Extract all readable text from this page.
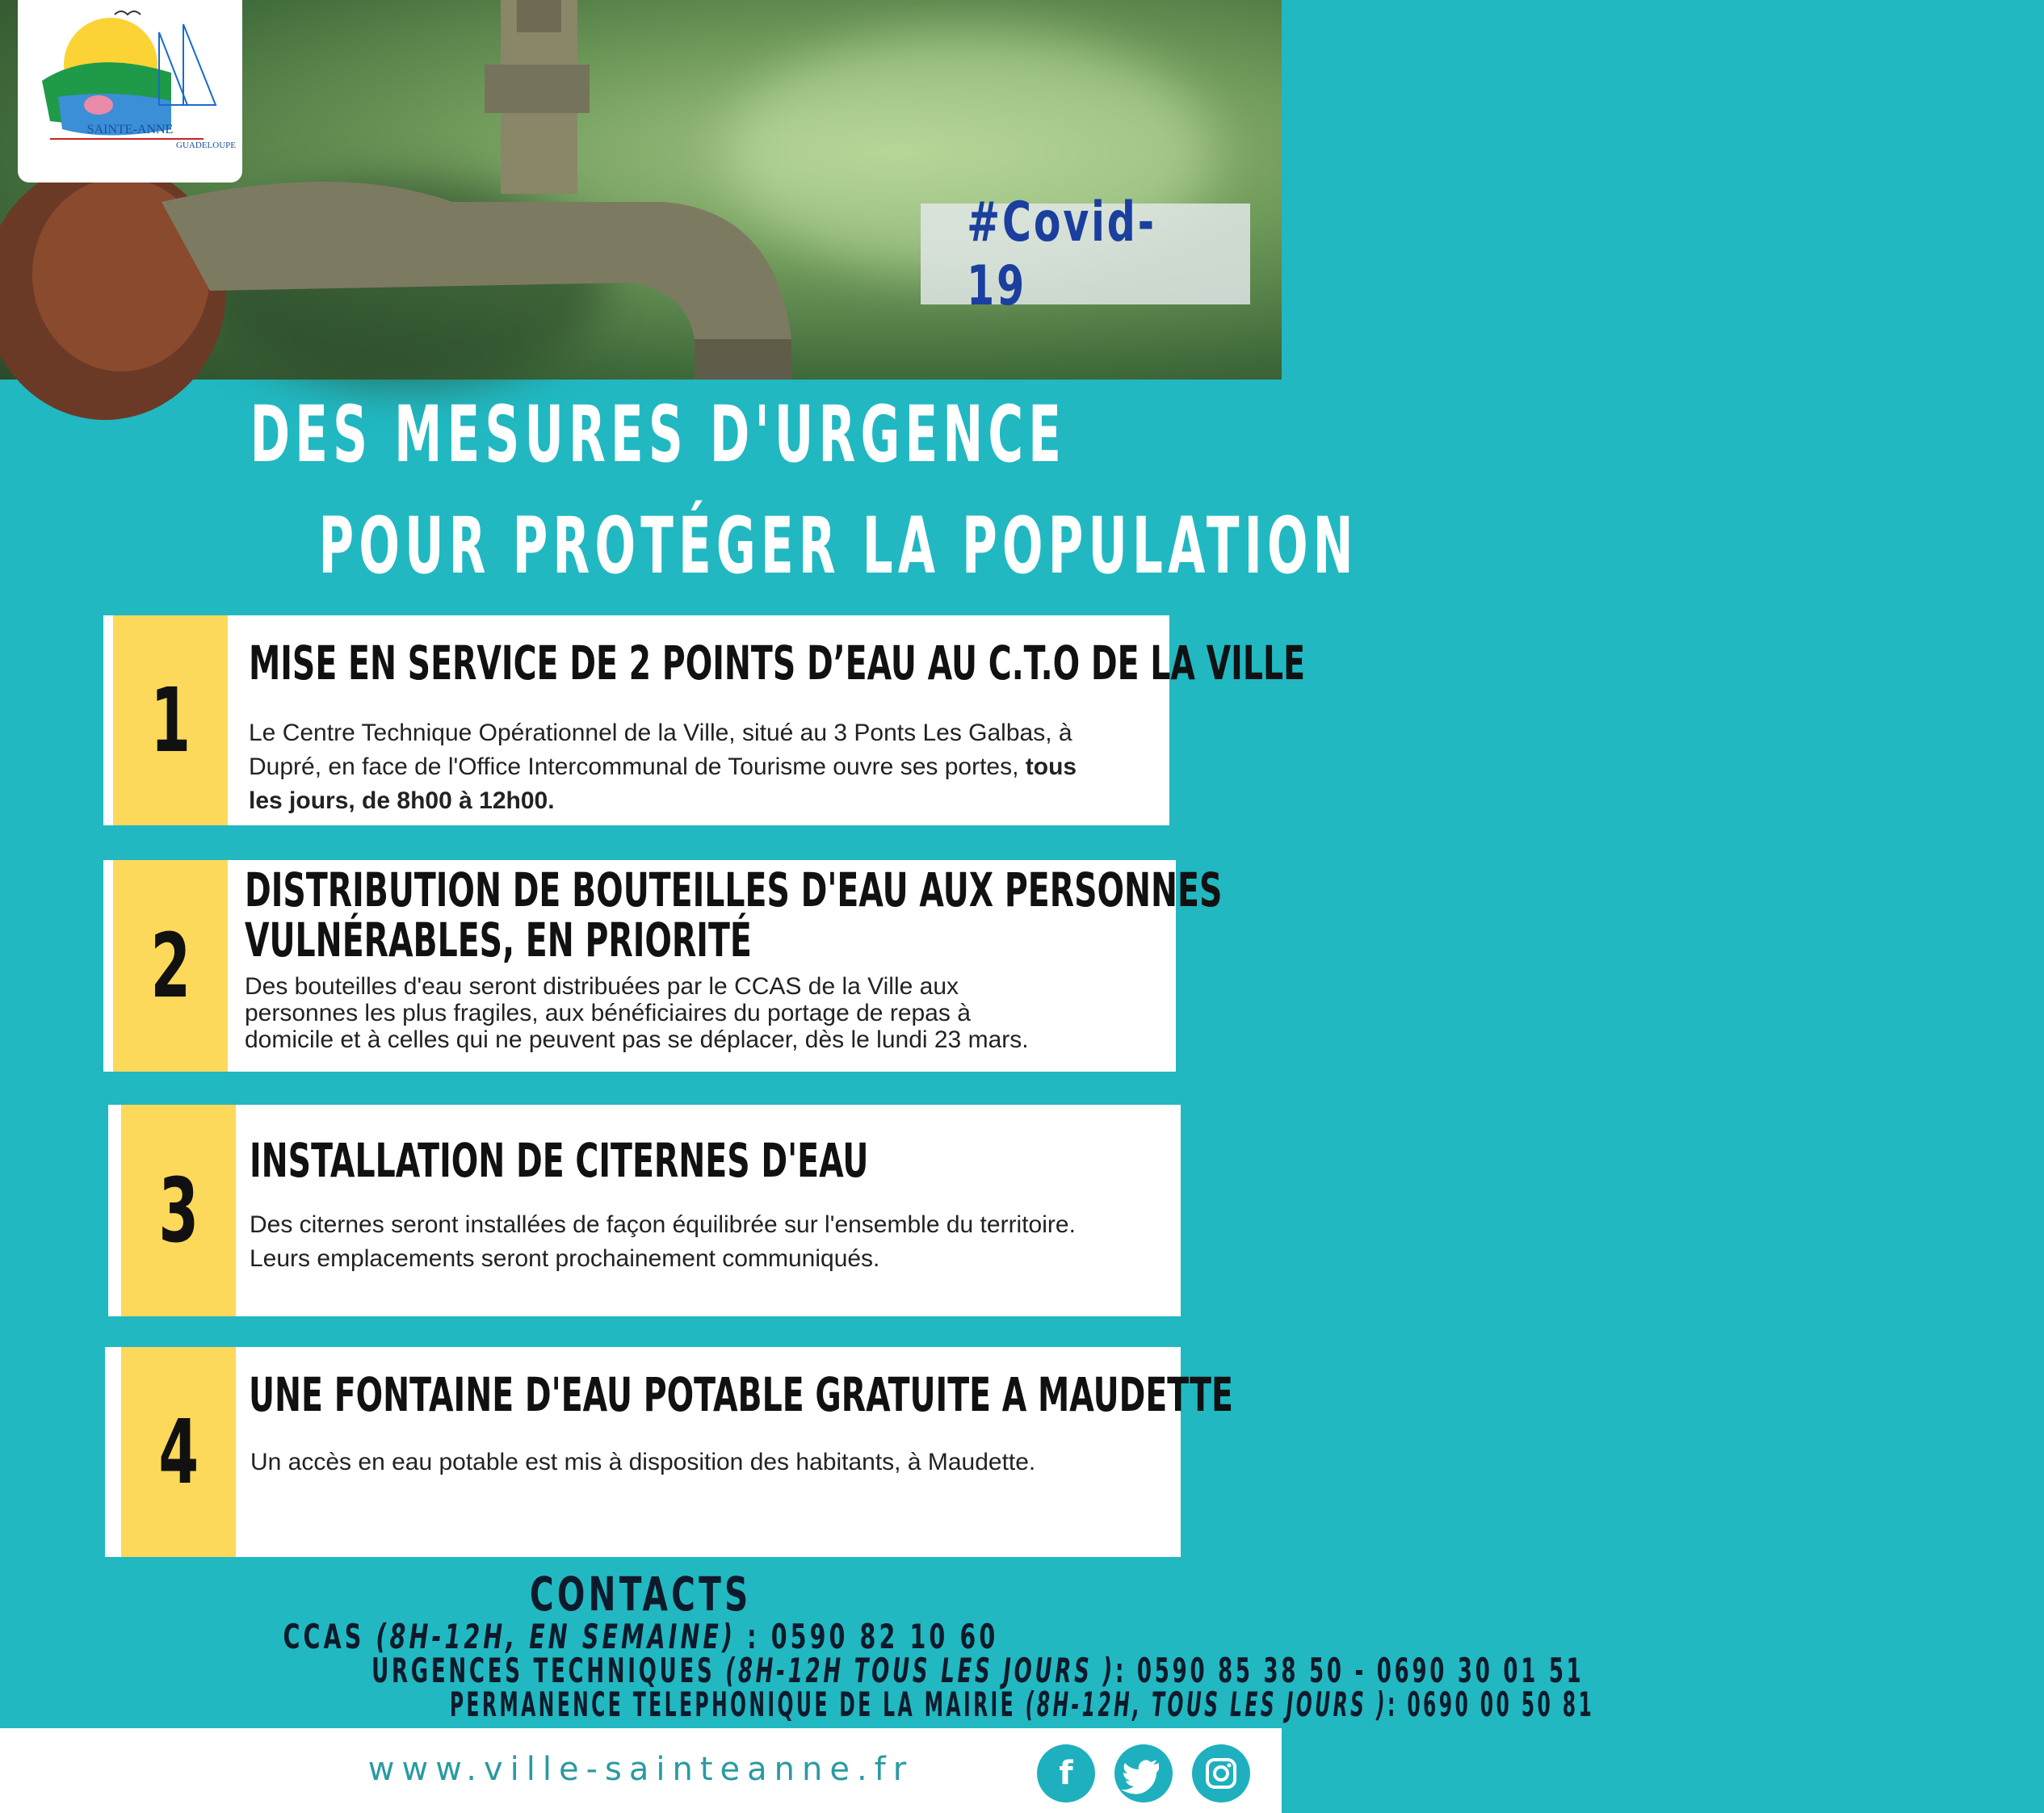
SAINTE-ANNE
GUADELOUPE
#Covid-19
DES MESURES D'URGENCE
POUR PROTÉGER LA POPULATION
1
MISE EN SERVICE DE 2 POINTS D’EAU AU C.T.O DE LA VILLE
Le Centre Technique Opérationnel de la Ville, situé au 3 Ponts Les Galbas, à
Dupré, en face de l'Office Intercommunal de Tourisme ouvre ses portes, tous
les jours, de 8h00 à 12h00.
2
DISTRIBUTION DE BOUTEILLES D'EAU AUX PERSONNES
VULNÉRABLES, EN PRIORITÉ
Des bouteilles d'eau seront distribuées par le CCAS de la Ville aux
personnes les plus fragiles, aux bénéficiaires du portage de repas à
domicile et à celles qui ne peuvent pas se déplacer, dès le lundi 23 mars.
3 INSTALLATION DE CITERNES D'EAU
Des citernes seront installées de façon équilibrée sur l'ensemble du territoire.
Leurs emplacements seront prochainement communiqués.
4
UNE FONTAINE D'EAU POTABLE GRATUITE A MAUDETTE
Un accès en eau potable est mis à disposition des habitants, à Maudette.
CONTACTS
CCAS (8H-12H, EN SEMAINE) : 0590 82 10 60
URGENCES TECHNIQUES (8H-12H TOUS LES JOURS ): 0590 85 38 50 - 0690 30 01 51
PERMANENCE TELEPHONIQUE DE LA MAIRIE (8H-12H, TOUS LES JOURS ): 0690 00 50 81
www.ville-sainteanne.fr	f
